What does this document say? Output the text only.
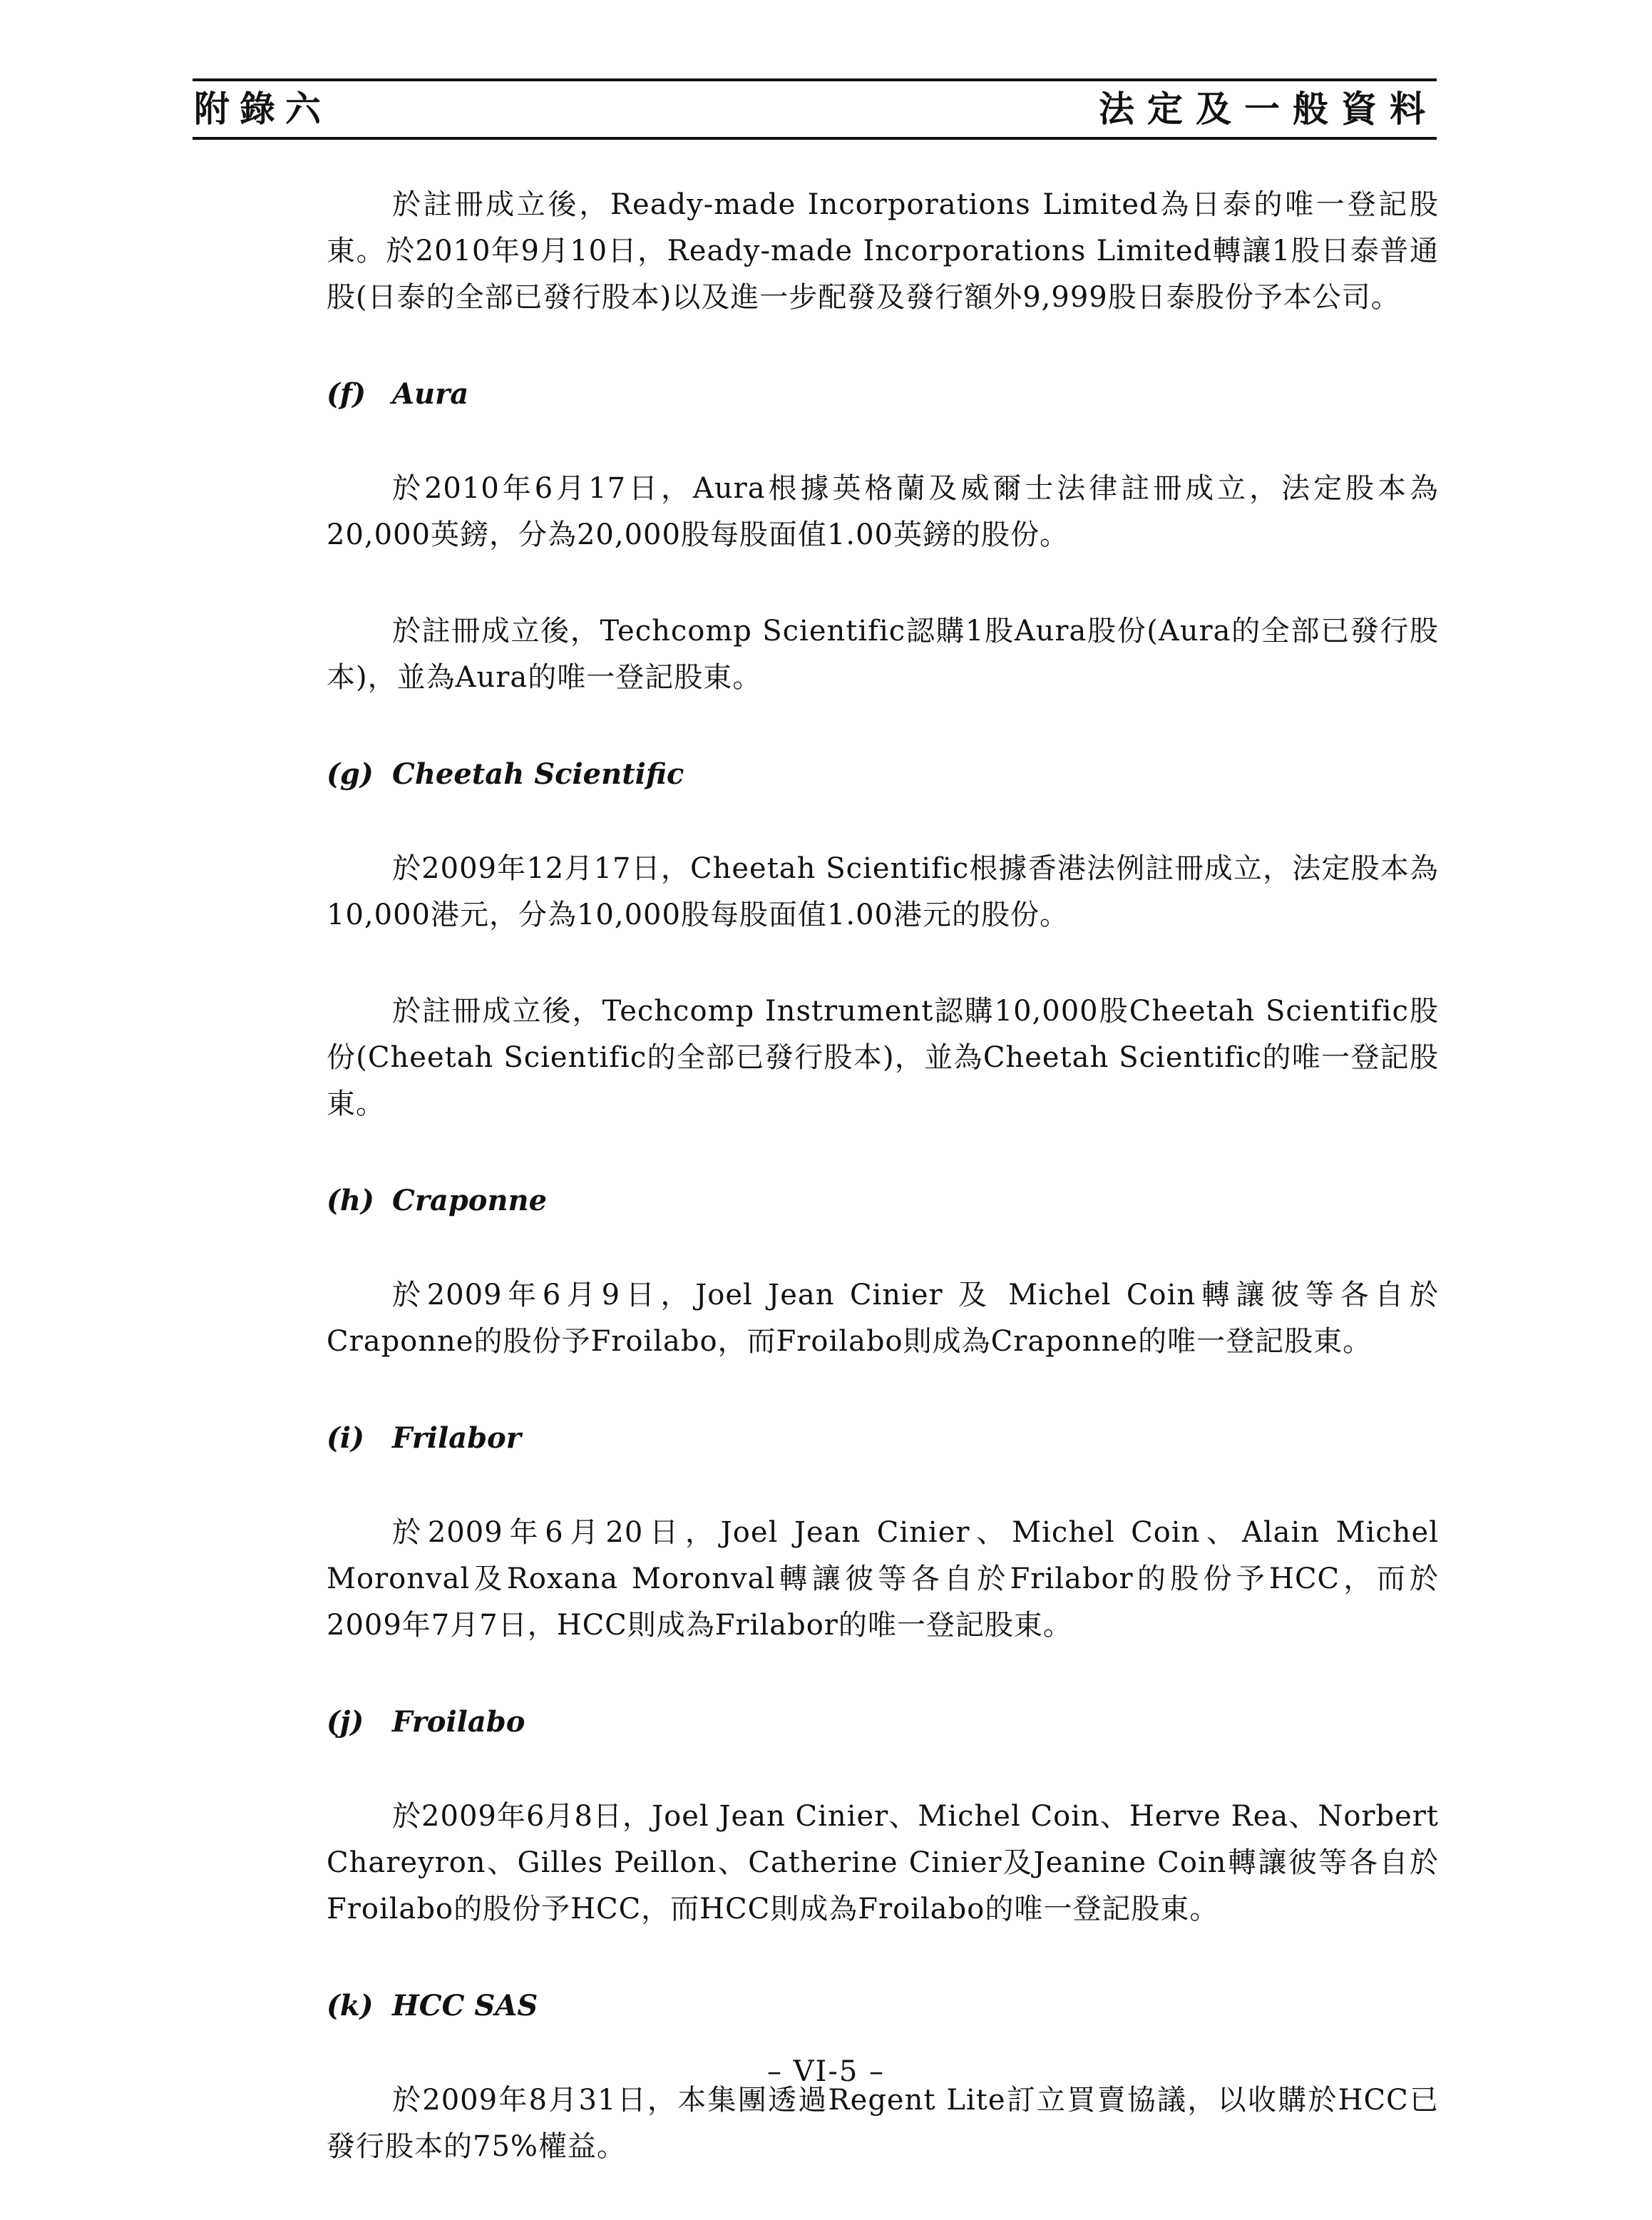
附錄六	法定及一般資料

於註冊成立後，Ready-made Incorporations Limited為日泰的唯一登記股東。於2010年9月10日，Ready-made Incorporations Limited轉讓1股日泰普通股(日泰的全部已發行股本)以及進一步配發及發行額外9,999股日泰股份予本公司。

(f) Aura

於2010年6月17日，Aura根據英格蘭及威爾士法律註冊成立，法定股本為20,000英鎊，分為20,000股每股面值1.00英鎊的股份。

於註冊成立後，Techcomp Scientific認購1股Aura股份(Aura的全部已發行股本)，並為Aura的唯一登記股東。

(g) Cheetah Scientific

於2009年12月17日，Cheetah Scientific根據香港法例註冊成立，法定股本為10,000港元，分為10,000股每股面值1.00港元的股份。

於註冊成立後，Techcomp Instrument認購10,000股Cheetah Scientific股份(Cheetah Scientific的全部已發行股本)，並為Cheetah Scientific的唯一登記股東。

(h) Craponne

於2009年6月9日，Joel Jean Cinier 及 Michel Coin轉讓彼等各自於Craponne的股份予Froilabo，而Froilabo則成為Craponne的唯一登記股東。

(i) Frilabor

於2009年6月20日，Joel Jean Cinier、Michel Coin、Alain Michel Moronval及Roxana Moronval轉讓彼等各自於Frilabor的股份予HCC，而於2009年7月7日，HCC則成為Frilabor的唯一登記股東。

(j) Froilabo

於2009年6月8日，Joel Jean Cinier、Michel Coin、Herve Rea、Norbert Chareyron、Gilles Peillon、Catherine Cinier及Jeanine Coin轉讓彼等各自於Froilabo的股份予HCC，而HCC則成為Froilabo的唯一登記股東。

(k) HCC SAS

於2009年8月31日，本集團透過Regent Lite訂立買賣協議，以收購於HCC已發行股本的75%權益。

– VI-5 –
